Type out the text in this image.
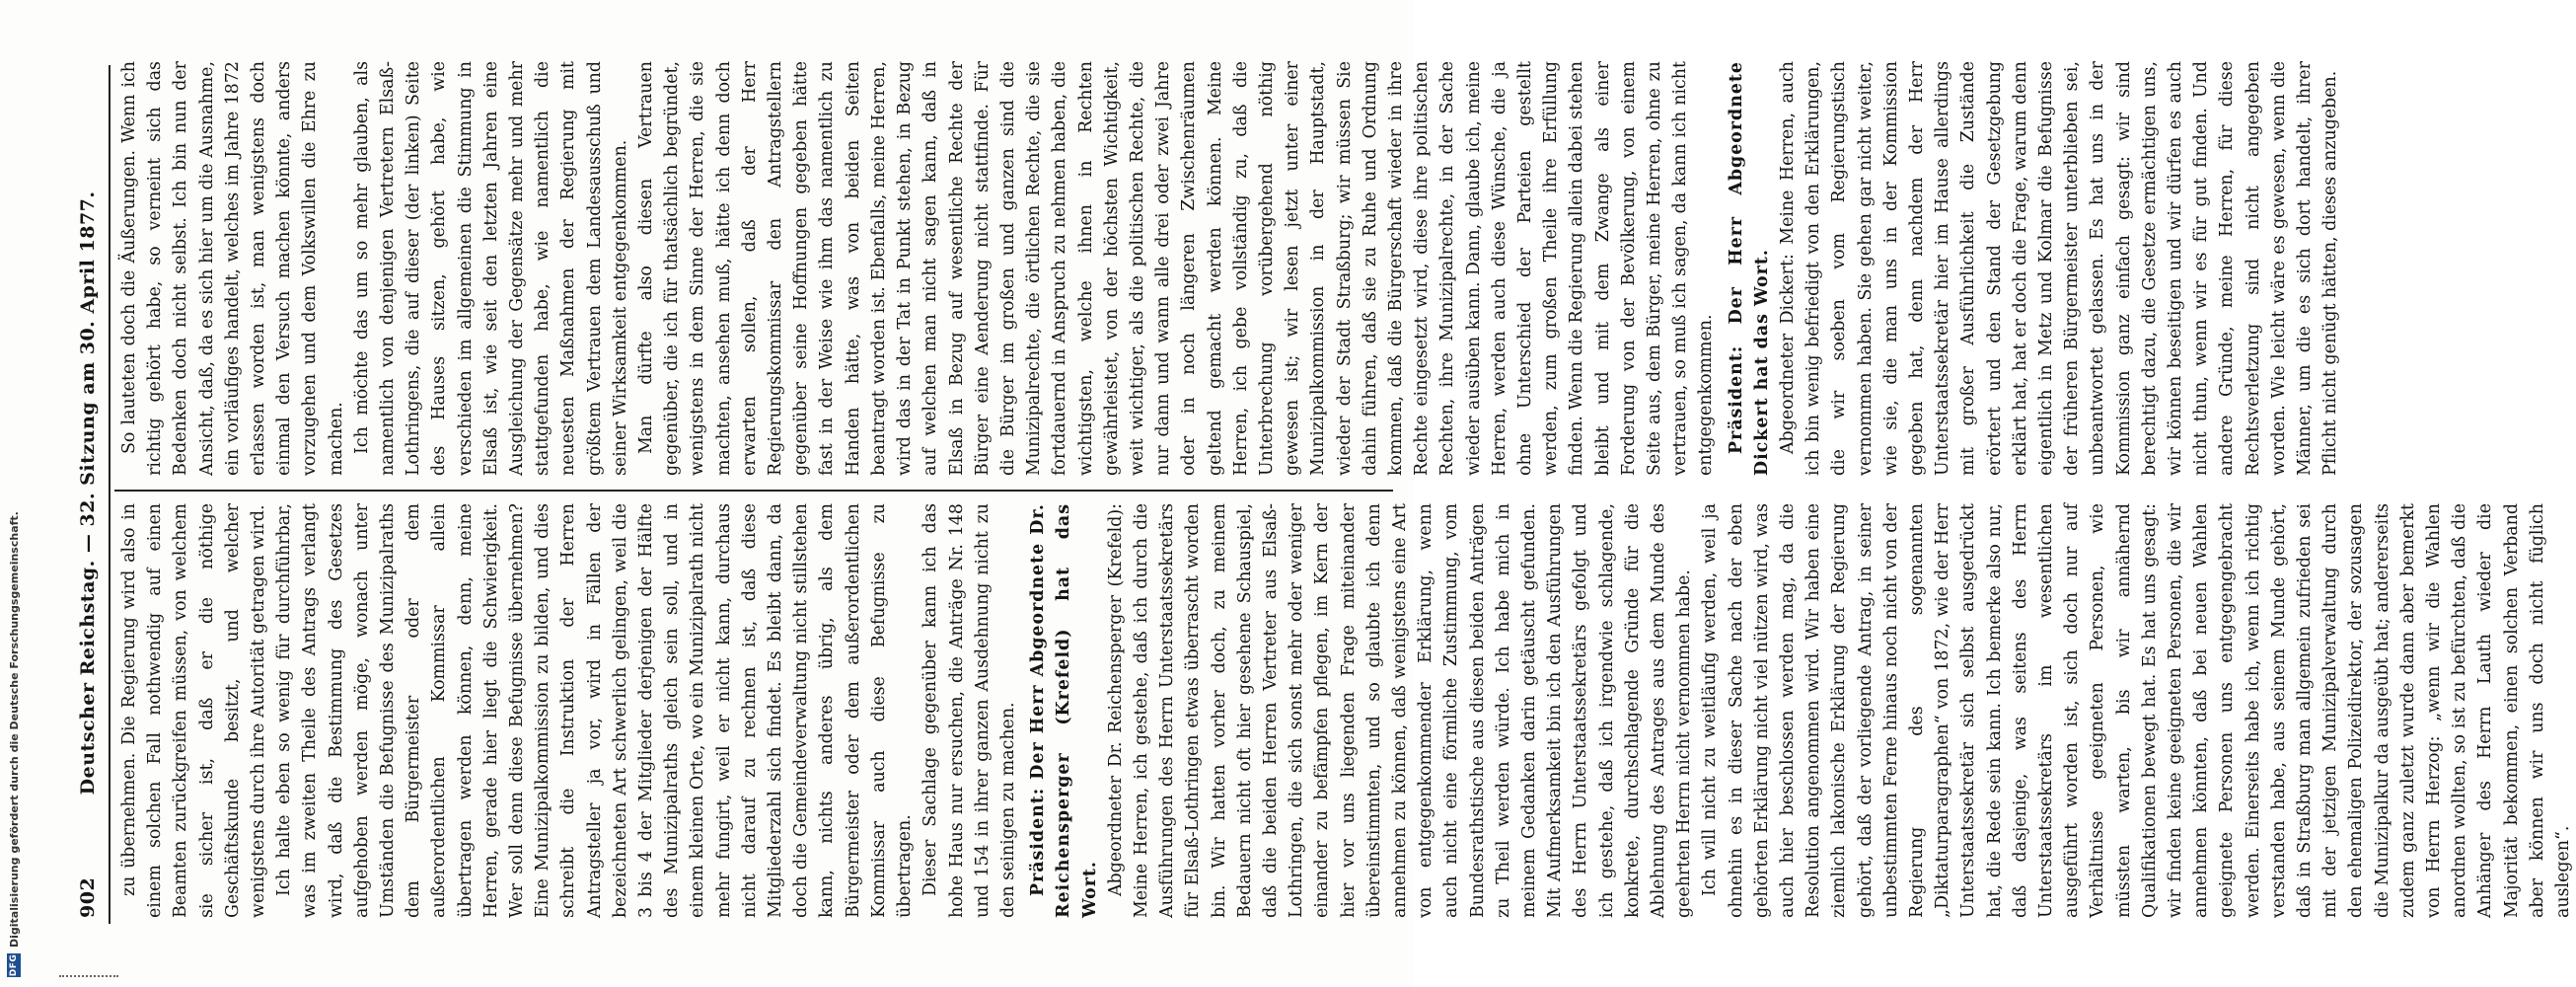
DFG
Digitalisierung gefördert durch die Deutsche Forschungsgemeinschaft.	902
Deutscher Reichstag. — 32. Sitzung am 30. April 1877. zu übernehmen. Die Regierung wird also in einem solchen Fall nothwendig auf einen Beamten zurückgreifen müssen, von welchem sie sicher ist, daß er die nöthige Geschäftskunde besitzt, und welcher wenigstens durch ihre Autorität getragen wird. Ich halte eben so wenig für durchführbar, was im zweiten Theile des Antrags verlangt wird, daß die Bestimmung des Gesetzes aufgehoben werden möge, wonach unter Umständen die Befugnisse des Munizipalraths dem Bürgermeister oder dem außerordentlichen Kommissar allein übertragen werden können, denn, meine Herren, gerade hier liegt die Schwierigkeit. Wer soll denn diese Befugnisse übernehmen? Eine Munizipalkommission zu bilden, und dies schreibt die Instruktion der Herren Antragsteller ja vor, wird in Fällen der bezeichneten Art schwerlich gelingen, weil die 3 bis 4 der Mitglieder derjenigen der Hälfte des Munizipalraths gleich sein soll, und in einem kleinen Orte, wo ein Munizipalrath nicht mehr fungirt, weil er nicht kann, durchaus nicht darauf zu rechnen ist, daß diese Mitgliederzahl sich findet. Es bleibt dann, da doch die Gemeindeverwaltung nicht stillstehen kann, nichts anderes übrig, als dem Bürgermeister oder dem außerordentlichen Kommissar auch diese Befugnisse zu übertragen. Dieser Sachlage gegenüber kann ich das hohe Haus nur ersuchen, die Anträge Nr. 148 und 154 in ihrer ganzen Ausdehnung nicht zu den seinigen zu machen. Präsident: Der Herr Abgeordnete Dr. Reichensperger (Krefeld) hat das Wort. Abgeordneter Dr. Reichensperger (Krefeld): Meine Herren, ich gestehe, daß ich durch die Ausführungen des Herrn Unterstaatssekretärs für Elsaß-Lothringen etwas überrascht worden bin. Wir hatten vorher doch, zu meinem Bedauern nicht oft hier gesehene Schauspiel, daß die beiden Herren Vertreter aus Elsaß-Lothringen, die sich sonst mehr oder weniger einander zu befämpfen pflegen, im Kern der hier vor uns liegenden Frage miteinander übereinstimmten, und so glaubte ich denn annehmen zu können, daß wenigstens eine Art von entgegenkommender Erklärung, wenn auch nicht eine förmliche Zustimmung, vom Bundesrathstische aus diesen beiden Anträgen zu Theil werden würde. Ich habe mich in meinem Gedanken darin getäuscht gefunden. Mit Aufmerksamkeit bin ich den Ausführungen des Herrn Unterstaatssekretärs gefolgt und ich gestehe, daß ich irgendwie schlagende, konkrete, durchschlagende Gründe für die Ablehnung des Antrages aus dem Munde des geehrten Herrn nicht vernommen habe. Ich will nicht zu weitläufig werden, weil ja ohnehin es in dieser Sache nach der eben gehörten Erklärung nicht viel nützen wird, was auch hier beschlossen werden mag, da die Resolution angenommen wird. Wir haben eine ziemlich lakonische Erklärung der Regierung gehört, daß der vorliegende Antrag, in seiner unbestimmten Ferne hinaus noch nicht von der Regierung des sogenannten „Diktaturparagraphen“ von 1872, wie der Herr Unterstaatssekretär sich selbst ausgedrückt hat, die Rede sein kann. Ich bemerke also nur, daß dasjenige, was seitens des Herrn Unterstaatssekretärs im wesentlichen ausgeführt worden ist, sich doch nur auf Verhältnisse geeigneten Personen, wie müssten warten, bis wir annähernd Qualifikationen bewegt hat. Es hat uns gesagt: wir finden keine geeigneten Personen, die wir annehmen könnten, daß bei neuen Wahlen geeignete Personen uns entgegengebracht werden. Einerseits habe ich, wenn ich richtig verstanden habe, aus seinem Munde gehört, daß in Straßburg man allgemein zufrieden sei mit der jetzigen Munizipalverwaltung durch den ehemaligen Polizeidirektor, der sozusagen die Munizipalkur da ausgeübt hat; andererseits zudem ganz zuletzt wurde dann aber bemerkt von Herrn Herzog: „wenn wir die Wahlen anordnen wollten, so ist zu befürchten, daß die Anhänger des Herrn Lauth wieder die Majorität bekommen, einen solchen Verband aber können wir uns doch nicht füglich auslegen“.

So lauteten doch die Äußerungen. Wenn ich richtig gehört habe, so verneint sich das Bedenken doch nicht selbst. Ich bin nun der Ansicht, daß, da es sich hier um die Ausnahme, ein vorläufiges handelt, welches im Jahre 1872 erlassen worden ist, man wenigstens doch einmal den Versuch machen könnte, anders vorzugehen und dem Volkswillen die Ehre zu machen. Ich möchte das um so mehr glauben, als namentlich von denjenigen Vertretern Elsaß-Lothringens, die auf dieser (der linken) Seite des Hauses sitzen, gehört habe, wie verschieden im allgemeinen die Stimmung in Elsaß ist, wie seit den letzten Jahren eine Ausgleichung der Gegensätze mehr und mehr stattgefunden habe, wie namentlich die neuesten Maßnahmen der Regierung mit größtem Vertrauen dem Landesausschuß und seiner Wirksamkeit entgegenkommen. Man dürfte also diesen Vertrauen gegenüber, die ich für thatsächlich begründet, wenigstens in dem Sinne der Herren, die sie machten, ansehen muß, hätte ich denn doch erwarten sollen, daß der Herr Regierungskommissar den Antragstellern gegenüber seine Hoffnungen gegeben hätte fast in der Weise wie ihm das namentlich zu Handen hätte, was von beiden Seiten beantragt worden ist. Ebenfalls, meine Herren, wird das in der Tat in Punkt stehen, in Bezug auf welchen man nicht sagen kann, daß in Elsaß in Bezug auf wesentliche Rechte der Bürger eine Aenderung nicht stattfinde. Für die Bürger im großen und ganzen sind die Munizipalrechte, die örtlichen Rechte, die sie fortdauernd in Anspruch zu nehmen haben, die wichtigsten, welche ihnen in Rechten gewährleistet, von der höchsten Wichtigkeit, weit wichtiger, als die politischen Rechte, die nur dann und wann alle drei oder zwei Jahre oder in noch längeren Zwischenräumen geltend gemacht werden können. Meine Herren, ich gebe vollständig zu, daß die Unterbrechung vorübergehend nöthig gewesen ist; wir lesen jetzt unter einer Munizipalkommission in der Hauptstadt, wieder der Stadt Straßburg; wir müssen Sie dahin führen, daß sie zu Ruhe und Ordnung kommen, daß die Bürgerschaft wieder in ihre Rechte eingesetzt wird, diese ihre politischen Rechten, ihre Munizipalrechte, in der Sache wieder ausüben kann. Dann, glaube ich, meine Herren, werden auch diese Wünsche, die ja ohne Unterschied der Parteien gestellt werden, zum großen Theile ihre Erfüllung finden. Wenn die Regierung allein dabei stehen bleibt und mit dem Zwange als einer Forderung von der Bevölkerung, von einem Seite aus, dem Bürger, meine Herren, ohne zu vertrauen, so muß ich sagen, da kann ich nicht entgegenkommen. Präsident: Der Herr Abgeordnete Dickert hat das Wort. Abgeordneter Dickert: Meine Herren, auch ich bin wenig befriedigt von den Erklärungen, die wir soeben vom Regierungstisch vernommen haben. Sie gehen gar nicht weiter, wie sie, die man uns in der Kommission gegeben hat, denn nachdem der Herr Unterstaatssekretär hier im Hause allerdings mit großer Ausführlichkeit die Zustände erörtert und den Stand der Gesetzgebung erklärt hat, hat er doch die Frage, warum denn eigentlich in Metz und Kolmar die Befugnisse der früheren Bürgermeister unterblieben sei, unbeantwortet gelassen. Es hat uns in der Kommission ganz einfach gesagt: wir sind berechtigt dazu, die Gesetze ermächtigen uns, wir können beseitigen und wir dürfen es auch nicht thun, wenn wir es für gut finden. Und andere Gründe, meine Herren, für diese Rechtsverletzung sind nicht angegeben worden. Wie leicht wäre es gewesen, wenn die Männer, um die es sich dort handelt, ihrer Pflicht nicht genügt hätten, dieses anzugeben.
